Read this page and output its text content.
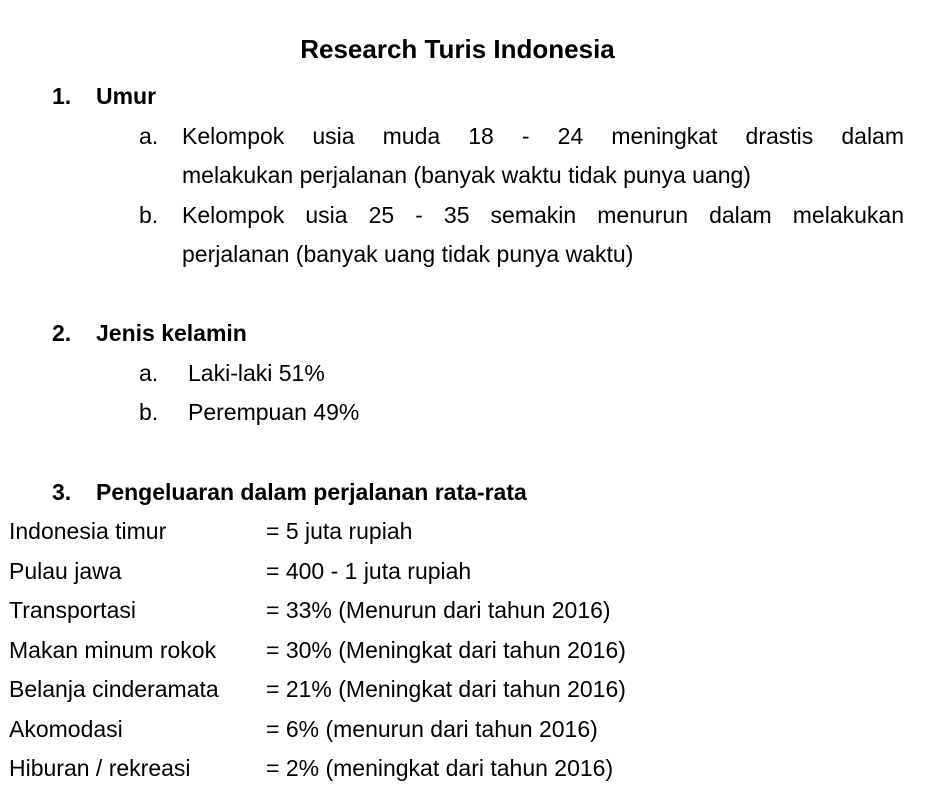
Research Turis Indonesia
1. Umur
a. Kelompok usia muda 18 - 24 meningkat drastis dalam
melakukan perjalanan (banyak waktu tidak punya uang)
b. Kelompok usia 25 - 35 semakin menurun dalam melakukan
perjalanan (banyak uang tidak punya waktu)
2. Jenis kelamin
a. Laki-laki 51%
b. Perempuan 49%
3. Pengeluaran dalam perjalanan rata-rata
Indonesia timur	= 5 juta rupiah
Pulau jawa	= 400 - 1 juta rupiah
Transportasi	= 33% (Menurun dari tahun 2016)
Makan minum rokok = 30% (Meningkat dari tahun 2016)
Belanja cinderamata = 21% (Meningkat dari tahun 2016)
Akomodasi	= 6% (menurun dari tahun 2016)
Hiburan / rekreasi	= 2% (meningkat dari tahun 2016)
